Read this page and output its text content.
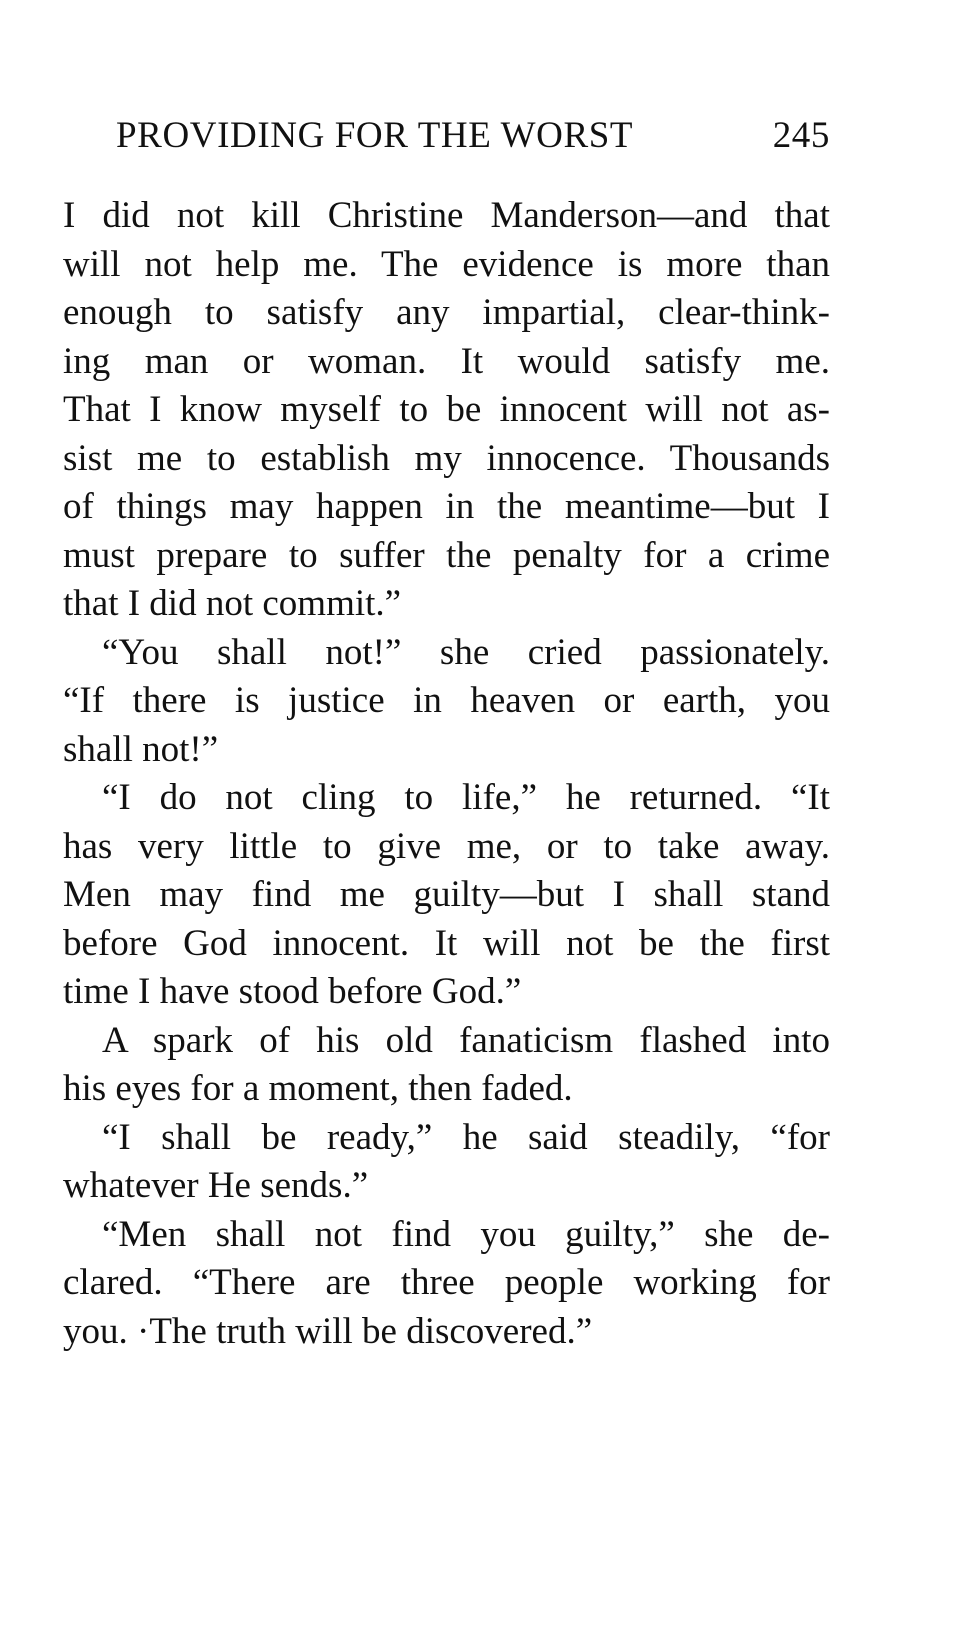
PROVIDING FOR THE WORST	245
I did not kill Christine Manderson—and that
will not help me. The evidence is more than
enough to satisfy any impartial, clear-think-
ing man or woman. It would satisfy me.
That I know myself to be innocent will not as-
sist me to establish my innocence. Thousands
of things may happen in the meantime—but I
must prepare to suffer the penalty for a crime
that I did not commit.”
“You shall not!” she cried passionately.
“If there is justice in heaven or earth, you
shall not!”
“I do not cling to life,” he returned. “It
has very little to give me, or to take away.
Men may find me guilty—but I shall stand
before God innocent. It will not be the first
time I have stood before God.”
A spark of his old fanaticism flashed into
his eyes for a moment, then faded.
“I shall be ready,” he said steadily, “for
whatever He sends.”
“Men shall not find you guilty,” she de-
clared. “There are three people working for
you. ·The truth will be discovered.”
